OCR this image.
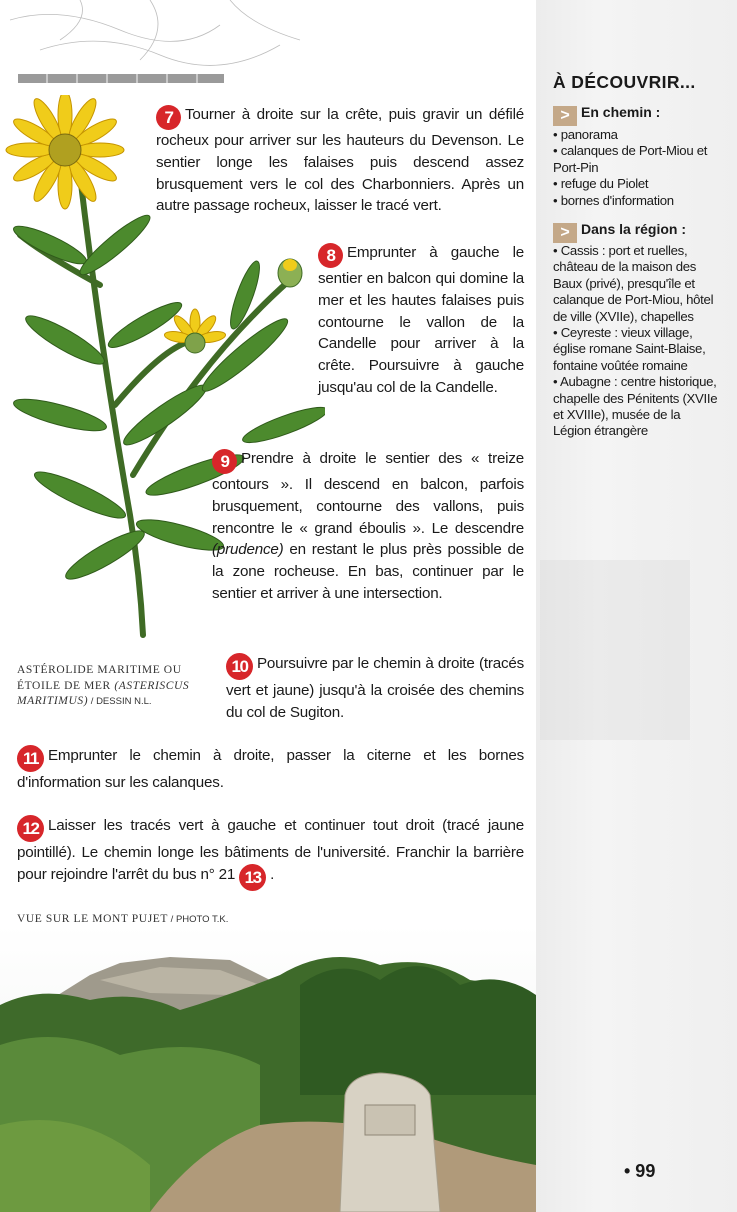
7 Tourner à droite sur la crête, puis gravir un défilé rocheux pour arriver sur les hauteurs du Devenson. Le sentier longe les falaises puis descend assez brusquement vers le col des Charbonniers. Après un autre passage rocheux, laisser le tracé vert.

8 Emprunter à gauche le sentier en balcon qui domine la mer et les hautes falaises puis contourne le vallon de la Candelle pour arriver à la crête. Poursuivre à gauche jusqu'au col de la Candelle.

9 Prendre à droite le sentier des « treize contours ». Il descend en balcon, parfois brusquement, contourne des vallons, puis rencontre le « grand éboulis ». Le descendre (prudence) en restant le plus près possible de la zone rocheuse. En bas, continuer par le sentier et arriver à une intersection.

10 Poursuivre par le chemin à droite (tracés vert et jaune) jusqu'à la croisée des chemins du col de Sugiton.

11 Emprunter le chemin à droite, passer la citerne et les bornes d'information sur les calanques.

12 Laisser les tracés vert à gauche et continuer tout droit (tracé jaune pointillé). Le chemin longe les bâtiments de l'université. Franchir la barrière pour rejoindre l'arrêt du bus n° 21 13 .

ASTÉROLIDE MARITIME OU ÉTOILE DE MER (ASTERISCUS MARITIMUS) / DESSIN N.L.
VUE SUR LE MONT PUJET / PHOTO T.K.
À DÉCOUVRIR...
> En chemin :
• panorama
• calanques de Port-Miou et Port-Pin
• refuge du Piolet
• bornes d'information
> Dans la région :
• Cassis : port et ruelles, château de la maison des Baux (privé), presqu'île et calanque de Port-Miou, hôtel de ville (XVIIe), chapelles
• Ceyreste : vieux village, église romane Saint-Blaise, fontaine voûtée romaine
• Aubagne : centre historique, chapelle des Pénitents (XVIIe et XVIIIe), musée de la Légion étrangère
• 99
